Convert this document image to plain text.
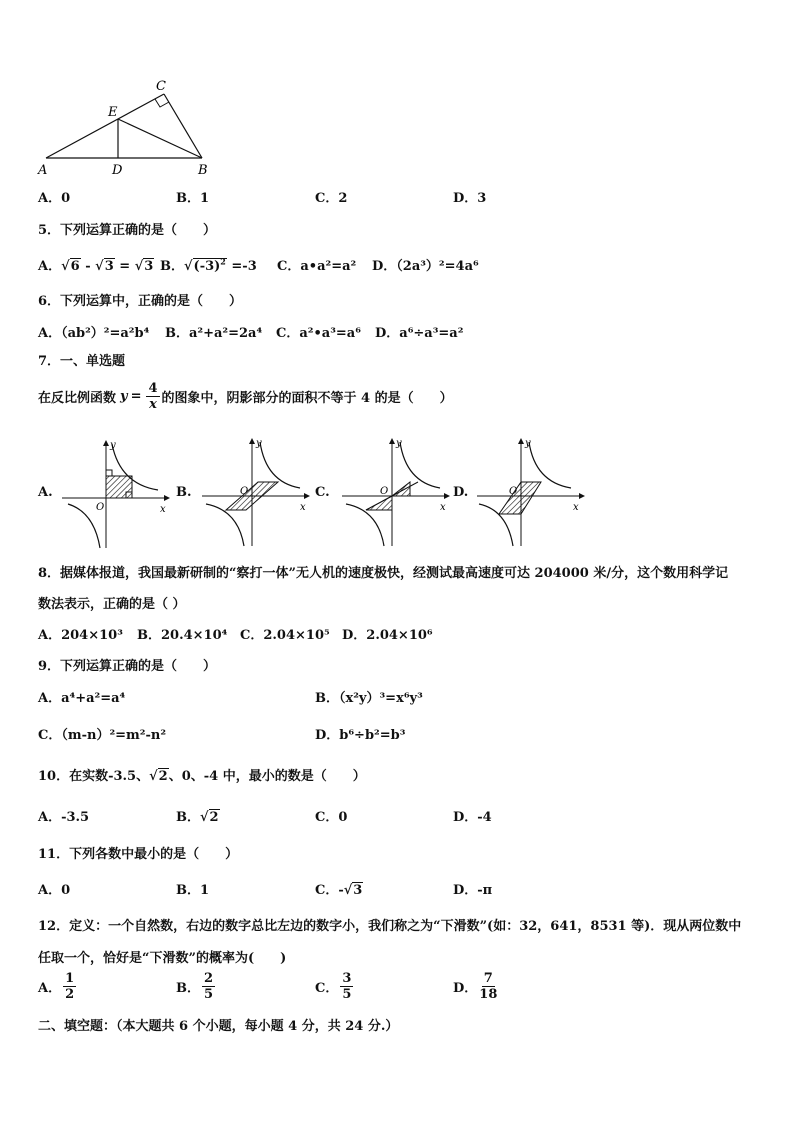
C
E
A	D	B
A．0	B．1	C．2	D．3
5．下列运算正确的是（　　）
A．√6 - √3 = √3 B．$√(-3)^2 =-3$ C．a•a²=a² D．（2a³）²=4a⁶
6．下列运算中，正确的是（　　）
A．（ab²）²=a²b⁴ B．a²+a²=2a⁴ C．a²•a³=a⁶ D．a⁶÷a³=a²
7．一、单选题
在反比例函数 $y = \frac{4}{x}$ 的图象中，阴影部分的面积不等于 4 的是（　　）
A.	B.	C.	D.
y
x
O
y
x
O
y
x
O
y
x
O
8．据媒体报道，我国最新研制的“察打一体”无人机的速度极快，经测试最高速度可达 204000 米/分，这个数用科学记
数法表示，正确的是（ ）
A．204×10³ B．20.4×10⁴ C．2.04×10⁵ D．2.04×10⁶
9．下列运算正确的是（　　）
A．a⁴+a²=a⁴	B．（x²y）³=x⁶y³
C．（m-n）²=m²-n²	D．b⁶÷b²=b³
10．在实数-3.5、√2、0、-4 中，最小的数是（　　）
A．-3.5	B．√2	C．0	D．-4
11．下列各数中最小的是（　　）
A．0	B．1	C．-√3	D．-π
12．定义：一个自然数，右边的数字总比左边的数字小，我们称之为“下滑数”(如：32，641，8531 等)．现从两位数中
任取一个，恰好是“下滑数”的概率为(　　)
A． $\frac{1}{2}$	B． $\frac{2}{5}$	C． $\frac{3}{5}$	D． $\frac{7}{18}$
二、填空题：（本大题共 6 个小题，每小题 4 分，共 24 分.）
